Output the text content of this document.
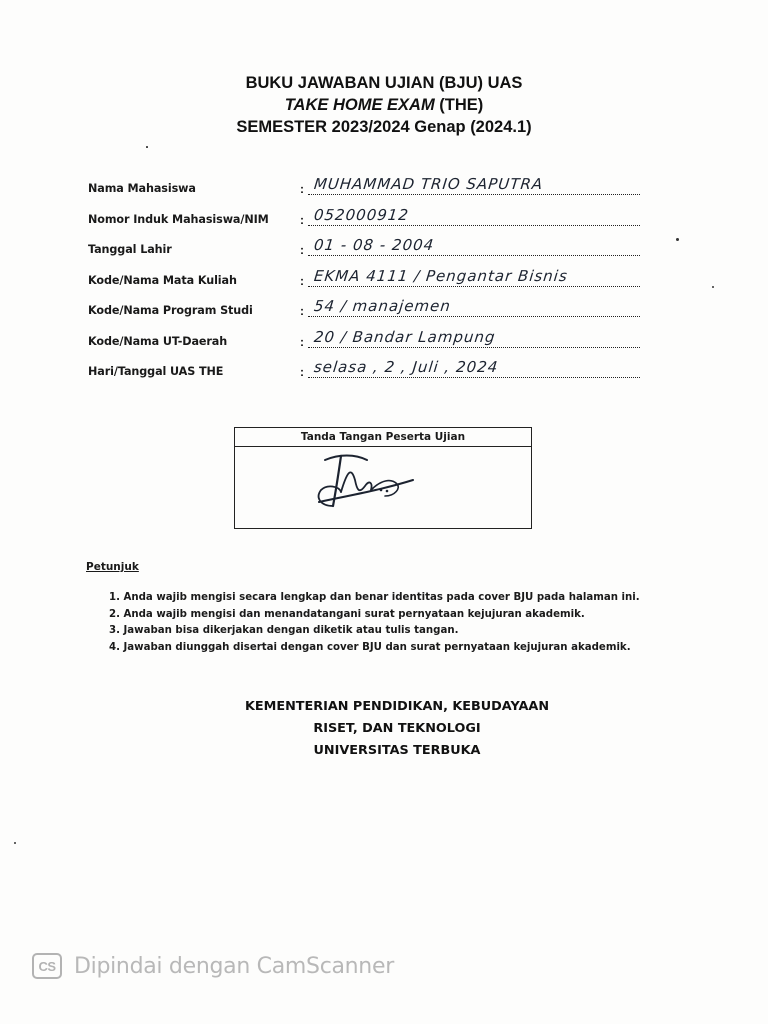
BUKU JAWABAN UJIAN (BJU) UAS
TAKE HOME EXAM (THE)
SEMESTER 2023/2024 Genap (2024.1)
Nama Mahasiswa	: MUHAMMAD TRIO SAPUTRA
Nomor Induk Mahasiswa/NIM	: 052000912
Tanggal Lahir	: 01 - 08 - 2004
Kode/Nama Mata Kuliah	: EKMA 4111 / Pengantar Bisnis
Kode/Nama Program Studi	: 54 / manajemen
Kode/Nama UT-Daerah	: 20 / Bandar Lampung
Hari/Tanggal UAS THE	: selasa , 2 , Juli , 2024
Tanda Tangan Peserta Ujian
Petunjuk
1. Anda wajib mengisi secara lengkap dan benar identitas pada cover BJU pada halaman ini.
2. Anda wajib mengisi dan menandatangani surat pernyataan kejujuran akademik.
3. Jawaban bisa dikerjakan dengan diketik atau tulis tangan.
4. Jawaban diunggah disertai dengan cover BJU dan surat pernyataan kejujuran akademik.
KEMENTERIAN PENDIDIKAN, KEBUDAYAAN
RISET, DAN TEKNOLOGI
UNIVERSITAS TERBUKA
CS Dipindai dengan CamScanner
